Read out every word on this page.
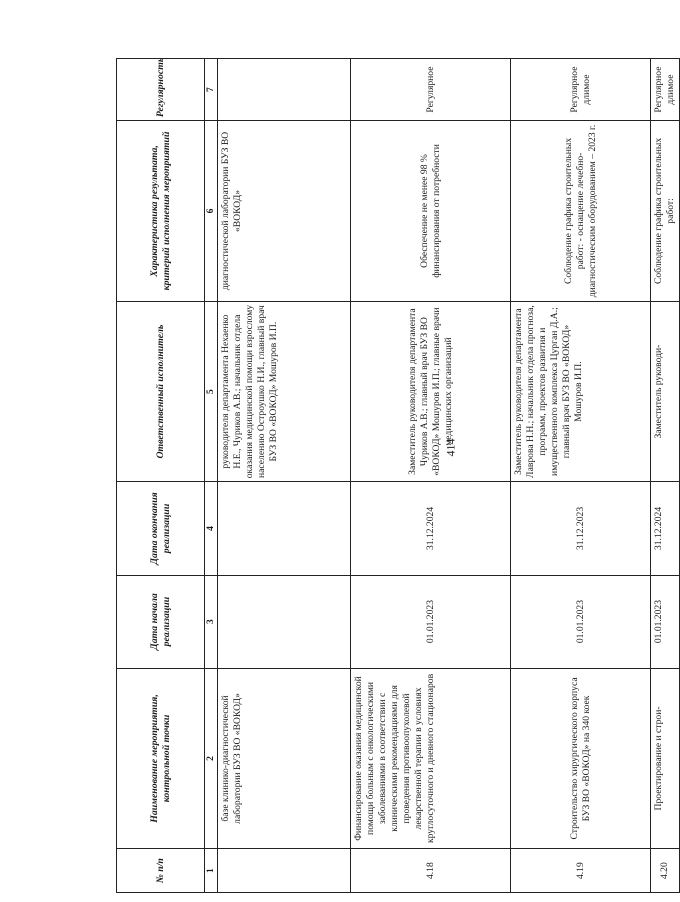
414
№ п/п	Наименование мероприятия, контрольной точки	Дата начала реализации	Дата окончания реализации	Ответственный исполнитель	Характеристика результата, критерий исполнения мероприятий	Регулярность
1	2	3	4	5	6	7
	базе клинико-диагностической лаборатории БУЗ ВО «ВОКОД»			руководителя департамента Нехаенко Н.Е., Чуриков А.В.; начальник отдела оказания медицинской помощи взрослому населению Остроушко Н.И., главный врач БУЗ ВО «ВОКОД» Мошуров И.П.	диагностической лаборатории БУЗ ВО «ВОКОД»	
4.18	Финансирование оказания медицинской помощи больным с онкологическими заболеваниями в соответствии с клиническими рекомендациями для проведения противоопухолевой лекарственной терапии в условиях круглосуточного и дневного стационаров	01.01.2023	31.12.2024	Заместитель руководителя департамента Чуриков А.В.; главный врач БУЗ ВО «ВОКОД» Мошуров И.П.; главные врачи медицинских организаций	Обеспечение не менее 98 % финансирования от потребности	Регулярное
4.19	Строительство хирургического корпуса БУЗ ВО «ВОКОД» на 340 коек	01.01.2023	31.12.2023	Заместитель руководителя департамента Лаврова Н.Н.; начальник отдела прогноза, программ, проектов развития и имущественного комплекса Цурган Д.А.; главный врач БУЗ ВО «ВОКОД» Мошуров И.П.	Соблюдение графика строительных работ: - оснащение лечебно-диагностическим оборудованием – 2023 г.	Регулярное длимое
4.20	Проектирование и строи-	01.01.2023	31.12.2024	Заместитель руководи-	Соблюдение графика строительных работ:	Регулярное длимое
